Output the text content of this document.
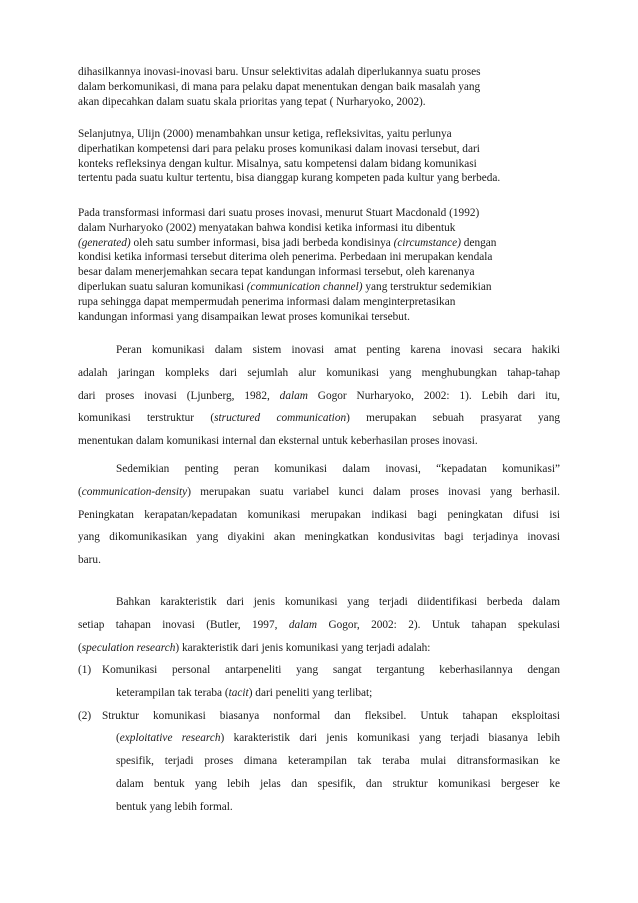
dihasilkannya inovasi-inovasi baru. Unsur selektivitas adalah diperlukannya suatu proses

dalam berkomunikasi, di mana para pelaku dapat menentukan dengan baik masalah yang

akan dipecahkan dalam suatu skala prioritas yang tepat ( Nurharyoko, 2002).

Selanjutnya, Ulijn (2000) menambahkan unsur ketiga, refleksivitas, yaitu perlunya

diperhatikan kompetensi dari para pelaku proses komunikasi dalam inovasi tersebut, dari

konteks refleksinya dengan kultur. Misalnya, satu kompetensi dalam bidang komunikasi

tertentu pada suatu kultur tertentu, bisa dianggap kurang kompeten pada kultur yang berbeda.

Pada transformasi informasi dari suatu proses inovasi, menurut Stuart Macdonald (1992)

dalam Nurharyoko (2002) menyatakan bahwa kondisi ketika informasi itu dibentuk

(generated) oleh satu sumber informasi, bisa jadi berbeda kondisinya (circumstance) dengan

kondisi ketika informasi tersebut diterima oleh penerima. Perbedaan ini merupakan kendala

besar dalam menerjemahkan secara tepat kandungan informasi tersebut, oleh karenanya

diperlukan suatu saluran komunikasi (communication channel) yang terstruktur sedemikian

rupa sehingga dapat mempermudah penerima informasi dalam menginterpretasikan

kandungan informasi yang disampaikan lewat proses komunikai tersebut.

Peran komunikasi dalam sistem inovasi amat penting karena inovasi secara hakiki

adalah jaringan kompleks dari sejumlah alur komunikasi yang menghubungkan tahap-tahap

dari proses inovasi (Ljunberg, 1982, dalam Gogor Nurharyoko, 2002: 1). Lebih dari itu,

komunikasi terstruktur (structured communication) merupakan sebuah prasyarat yang

menentukan dalam komunikasi internal dan eksternal untuk keberhasilan proses inovasi.

Sedemikian penting peran komunikasi dalam inovasi, “kepadatan komunikasi”

(communication-density) merupakan suatu variabel kunci dalam proses inovasi yang berhasil.

Peningkatan kerapatan/kepadatan komunikasi merupakan indikasi bagi peningkatan difusi isi

yang dikomunikasikan yang diyakini akan meningkatkan kondusivitas bagi terjadinya inovasi

baru.

Bahkan karakteristik dari jenis komunikasi yang terjadi diidentifikasi berbeda dalam

setiap tahapan inovasi (Butler, 1997, dalam Gogor, 2002: 2). Untuk tahapan spekulasi

(speculation research) karakteristik dari jenis komunikasi yang terjadi adalah:

(1) Komunikasi personal antarpeneliti yang sangat tergantung keberhasilannya dengan

keterampilan tak teraba (tacit) dari peneliti yang terlibat;

(2) Struktur komunikasi biasanya nonformal dan fleksibel. Untuk tahapan eksploitasi

(exploitative research) karakteristik dari jenis komunikasi yang terjadi biasanya lebih

spesifik, terjadi proses dimana keterampilan tak teraba mulai ditransformasikan ke

dalam bentuk yang lebih jelas dan spesifik, dan struktur komunikasi bergeser ke

bentuk yang lebih formal.
